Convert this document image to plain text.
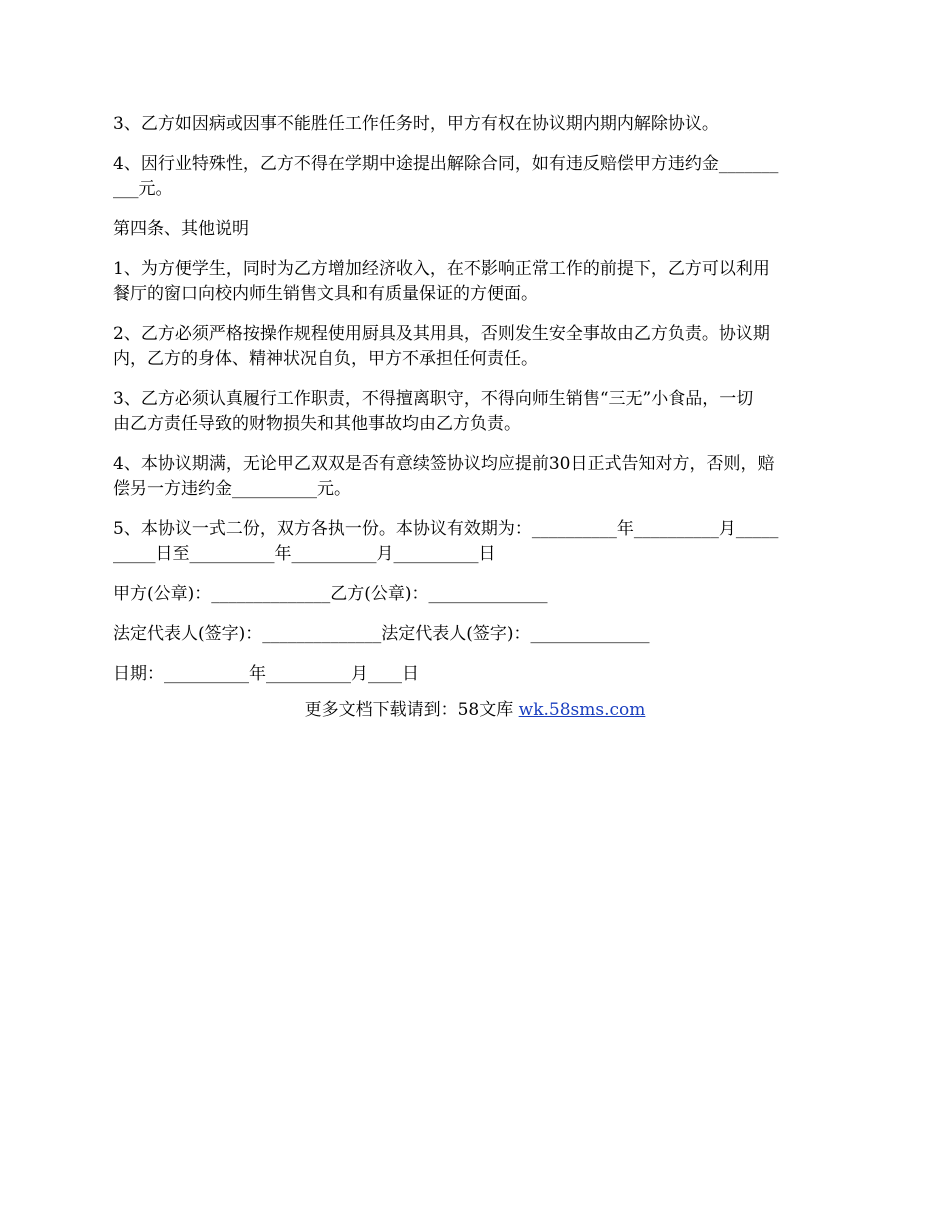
3、乙方如因病或因事不能胜任工作任务时，甲方有权在协议期内期内解除协议。

4、因行业特殊性，乙方不得在学期中途提出解除合同，如有违反赔偿甲方违约金_______
___元。

第四条、其他说明

1、为方便学生，同时为乙方增加经济收入，在不影响正常工作的前提下，乙方可以利用
餐厅的窗口向校内师生销售文具和有质量保证的方便面。

2、乙方必须严格按操作规程使用厨具及其用具，否则发生安全事故由乙方负责。协议期
内，乙方的身体、精神状况自负，甲方不承担任何责任。

3、乙方必须认真履行工作职责，不得擅离职守，不得向师生销售“三无”小食品，一切
由乙方责任导致的财物损失和其他事故均由乙方负责。

4、本协议期满，无论甲乙双双是否有意续签协议均应提前30日正式告知对方，否则，赔
偿另一方违约金__________元。

5、本协议一式二份，双方各执一份。本协议有效期为：__________年__________月_____
_____日至__________年__________月__________日

甲方(公章)：______________乙方(公章)：______________

法定代表人(签字)：______________法定代表人(签字)：______________

日期：__________年__________月____日

更多文档下载请到：58文库 wk.58sms.com
